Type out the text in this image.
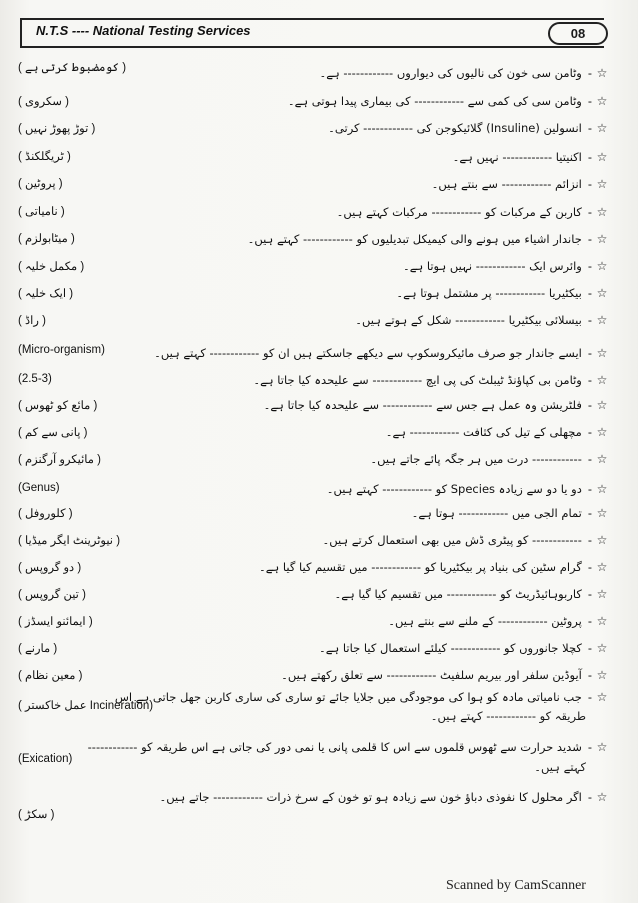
N.T.S ---- National Testing Services	08
( کومضبوط کرتی ہے )
( سکروی )
( توڑ پھوڑ نہیں )
( ٹریگلکنڈ )
( پروٹین )
( نامیاتی )
( میٹابولزم )
( مکمل خلیہ )
( ایک خلیہ )
( راڈ )
(Micro-organism)
(2.5-3)
( مائع کو ٹھوس )
( پانی سے کم )
( مائیکرو آرگنزم )
(Genus)
( کلوروفل )
( نیوٹرینٹ ایگر میڈیا )
( دو گروپس )
( تین گروپس )
( ایمائنو ایسڈز )
( مارنے )
( معین نظام )
( عمل خاکستر Incineration)
(Exication)
( سکڑ )
☆-وٹامن سی خون کی نالیوں کی دیواروں ------------ ہے۔
☆-وٹامن سی کی کمی سے ------------ کی بیماری پیدا ہوتی ہے۔
☆-انسولین (Insuline) گلائیکوجن کی ------------ کرتی۔
☆-اکنیتیا ------------ نہیں ہے۔
☆-انزائم ------------ سے بنتے ہیں۔
☆-کاربن کے مرکبات کو ------------ مرکبات کہتے ہیں۔
☆-جاندار اشیاء میں ہونے والی کیمیکل تبدیلیوں کو ------------ کہتے ہیں۔
☆-وائرس ایک ------------ نہیں ہوتا ہے۔
☆-بیکٹیریا ------------ پر مشتمل ہوتا ہے۔
☆-بیسلائی بیکٹیریا ------------ شکل کے ہوتے ہیں۔
☆-ایسے جاندار جو صرف مائیکروسکوپ سے دیکھے جاسکتے ہیں ان کو ------------ کہتے ہیں۔
☆-وٹامن بی کپاؤنڈ ٹیبلٹ کی پی ایچ ------------ سے علیحدہ کیا جاتا ہے۔
☆-فلٹریشن وہ عمل ہے جس سے ------------ سے علیحدہ کیا جاتا ہے۔
☆-مچھلی کے تیل کی کثافت ------------ ہے۔
☆------------- درت میں ہر جگہ پائے جاتے ہیں۔
☆-دو یا دو سے زیادہ Species کو ------------ کہتے ہیں۔
☆-تمام الجی میں ------------ ہوتا ہے۔
☆------------- کو پیٹری ڈش میں بھی استعمال کرتے ہیں۔
☆-گرام سٹین کی بنیاد پر بیکٹیریا کو ------------ میں تقسیم کیا گیا ہے۔
☆-کاربوہائیڈریٹ کو ------------ میں تقسیم کیا گیا ہے۔
☆-پروٹین ------------ کے ملنے سے بنتے ہیں۔
☆-کچلا جانوروں کو ------------ کیلئے استعمال کیا جاتا ہے۔
☆-آیوڈین سلفر اور بیریم سلفیٹ ------------ سے تعلق رکھتے ہیں۔
☆-جب نامیاتی مادہ کو ہوا کی موجودگی میں جلایا جائے تو ساری کی ساری کاربن جھل جاتی ہے اس
☆-شدید حرارت سے ٹھوس قلموں سے اس کا قلمی پانی یا نمی دور کی جاتی ہے اس طریقہ کو ------------
☆-اگر محلول کا نفوذی دباؤ خون سے زیادہ ہو تو خون کے سرخ ذرات ------------ جاتے ہیں۔
طریقہ کو ------------ کہتے ہیں۔
کہتے ہیں۔
Scanned by CamScanner
